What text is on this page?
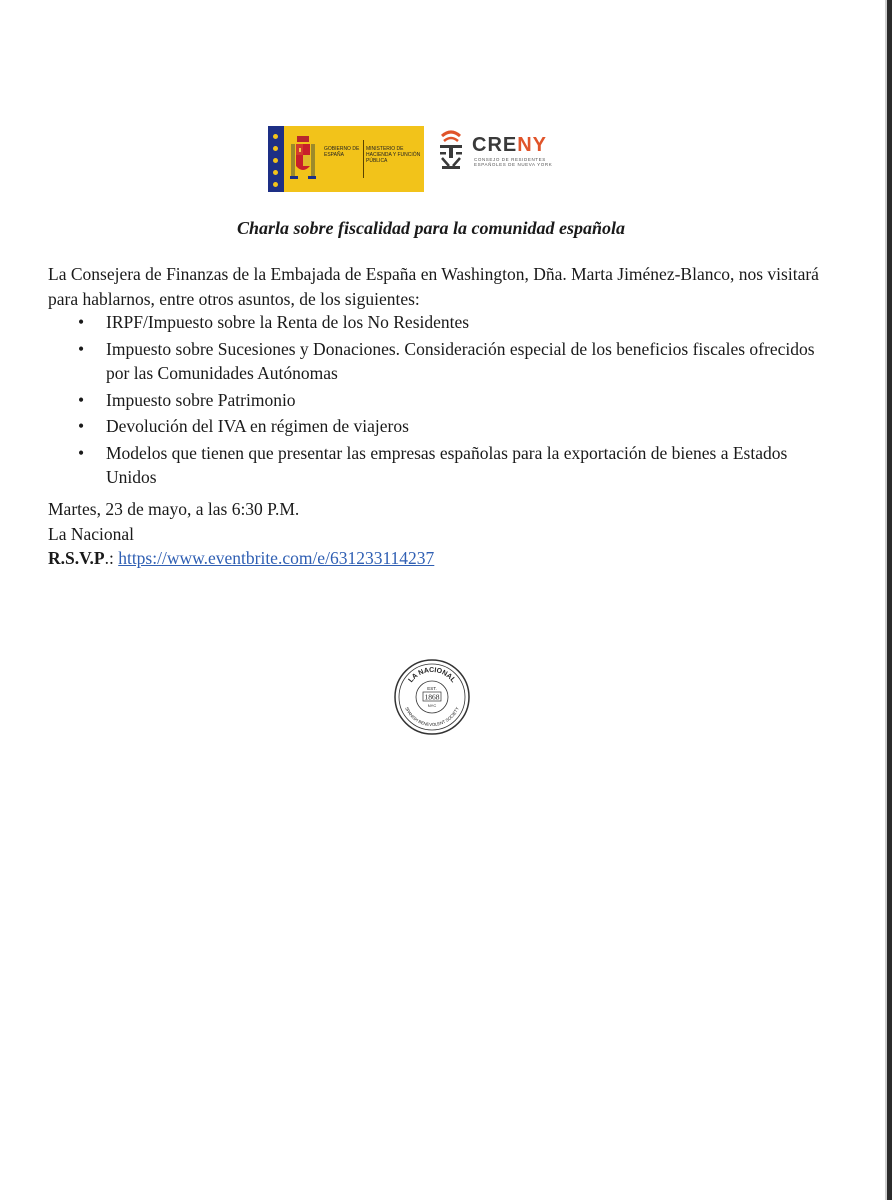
GOBIERNO DE ESPAÑA
MINISTERIO DE HACIENDA Y FUNCIÓN PÚBLICA
CRENY
CONSEJO DE RESIDENTES ESPAÑOLES DE NUEVA YORK
Charla sobre fiscalidad para la comunidad española
La Consejera de Finanzas de la Embajada de España en Washington, Dña. Marta Jiménez-Blanco, nos visitará para hablarnos, entre otros asuntos, de los siguientes:
• IRPF/Impuesto sobre la Renta de los No Residentes
• Impuesto sobre Sucesiones y Donaciones. Consideración especial de los beneficios fiscales ofrecidos por las Comunidades Autónomas
• Impuesto sobre Patrimonio
• Devolución del IVA en régimen de viajeros
• Modelos que tienen que presentar las empresas españolas para la exportación de bienes a Estados Unidos
Martes, 23 de mayo, a las 6:30 P.M.
La Nacional
R.S.V.P.: https://www.eventbrite.com/e/631233114237
LA NACIONAL
SPANISH BENEVOLENT SOCIETY
EST.
1868
NYC
